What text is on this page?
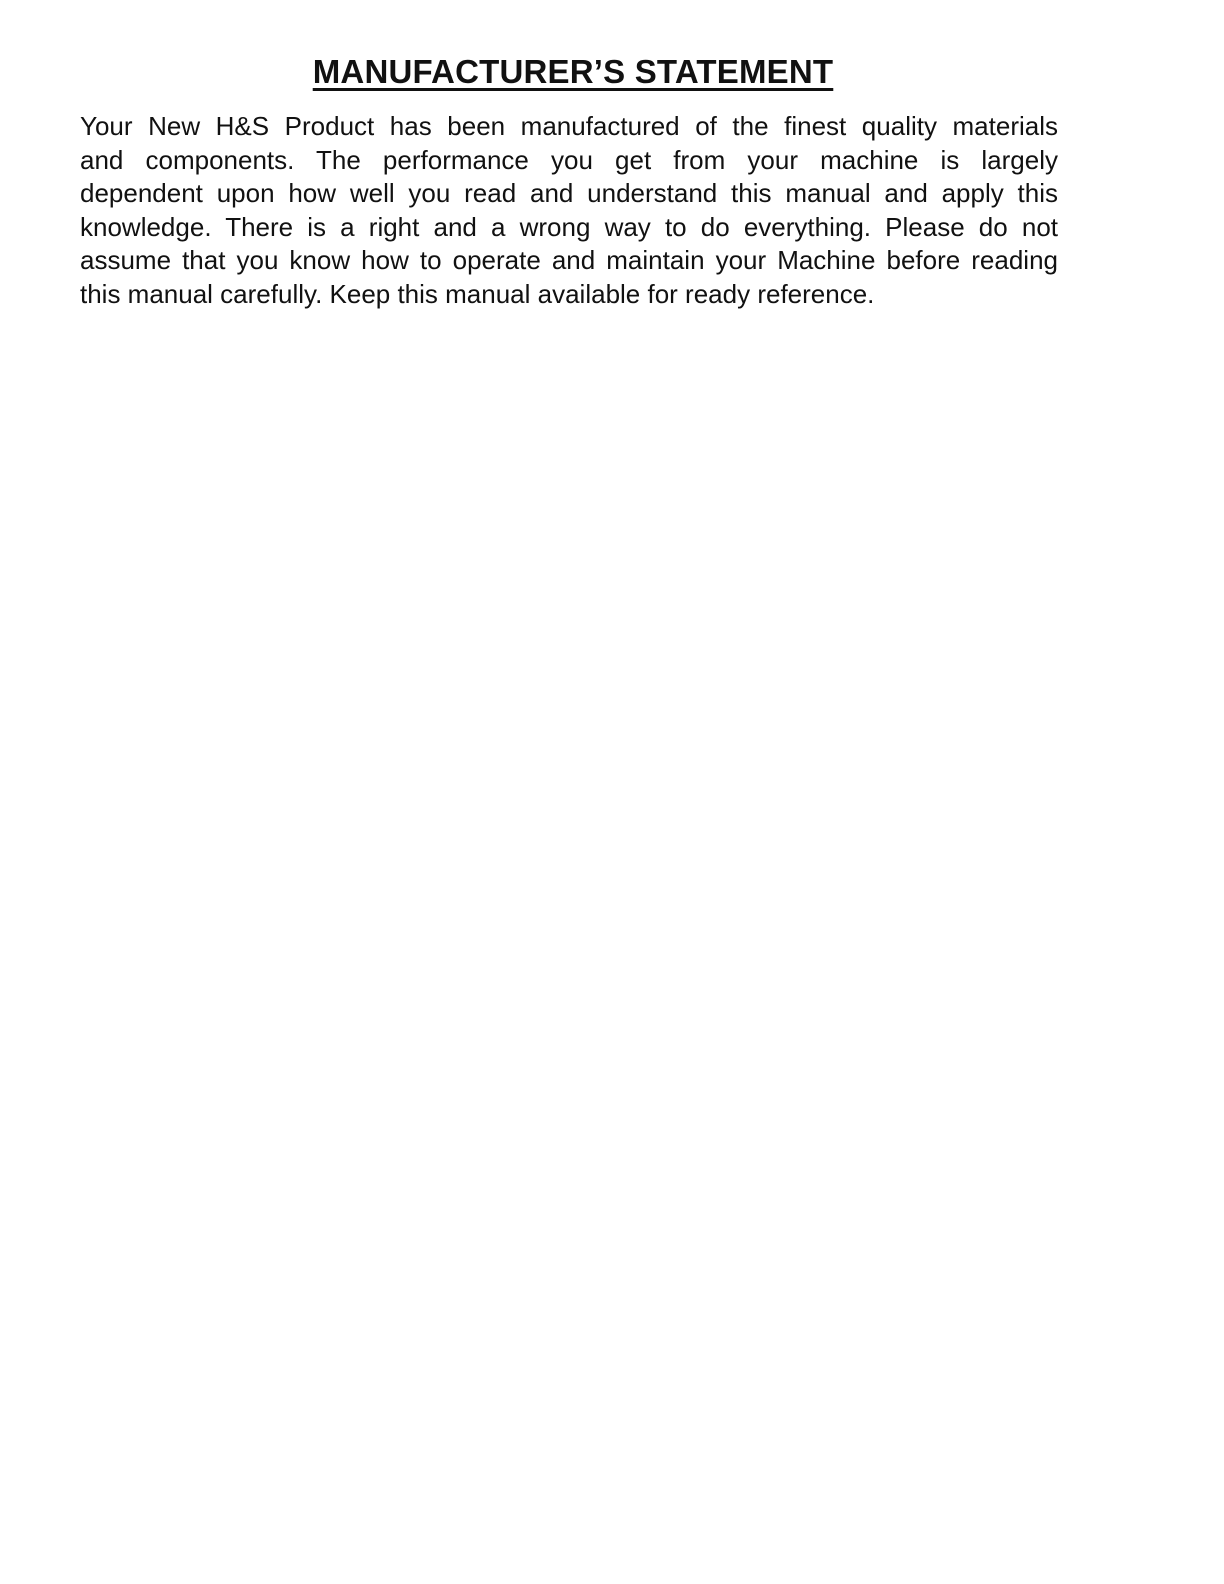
MANUFACTURER’S STATEMENT
Your New H&S Product has been manufactured of the finest quality materials
and components. The performance you get from your machine is largely
dependent upon how well you read and understand this manual and apply this
knowledge. There is a right and a wrong way to do everything. Please do not
assume that you know how to operate and maintain your Machine before reading
this manual carefully. Keep this manual available for ready reference.
